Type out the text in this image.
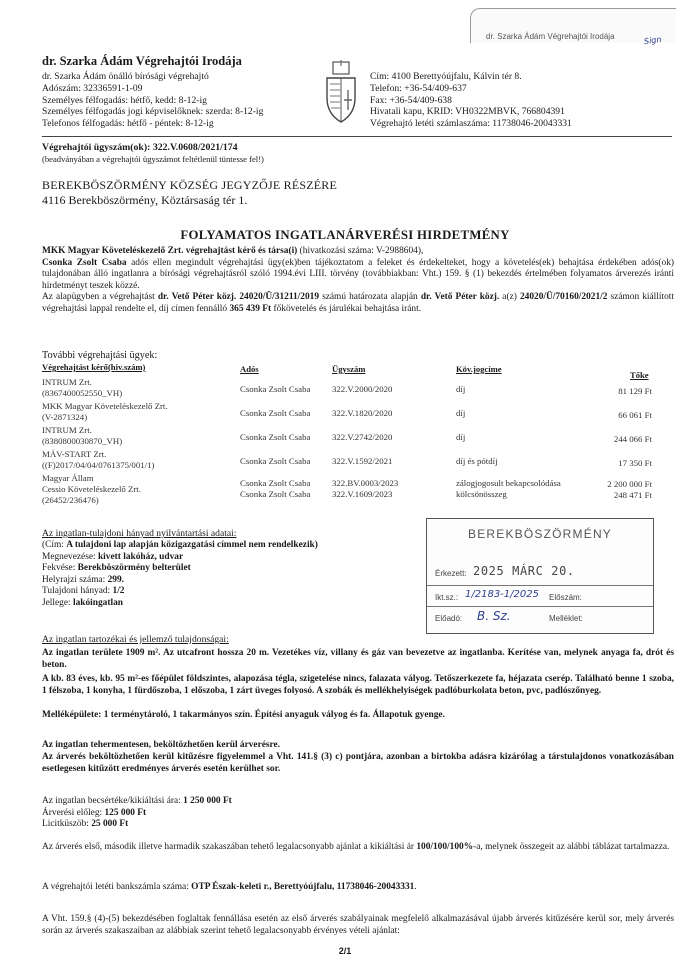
dr. Szarka Ádám Végrehajtói Irodája	Sign
dr. Szarka Ádám Végrehajtói Irodája
dr. Szarka Ádám önálló bírósági végrehajtó
Adószám: 32336591-1-09
Személyes félfogadás: hétfő, kedd: 8-12-ig
Személyes félfogadás jogi képviselőknek: szerda: 8-12-ig
Telefonos félfogadás: hétfő - péntek: 8-12-ig
Cím: 4100 Berettyóújfalu, Kálvin tér 8.
Telefon: +36-54/409-637
Fax: +36-54/409-638
Hivatali kapu, KRID: VH0322MBVK, 766804391
Végrehajtó letéti számlaszáma: 11738046-20043331
Végrehajtói ügyszám(ok): 322.V.0608/2021/174
(beadványában a végrehajtói ügyszámot feltétlenül tüntesse fel!)
BEREKBÖSZÖRMÉNY KÖZSÉG JEGYZŐJE RÉSZÉRE
4116 Berekböszörmény, Köztársaság tér 1.
FOLYAMATOS INGATLANÁRVERÉSI HIRDETMÉNY
MKK Magyar Követeléskezelő Zrt. végrehajtást kérő és társa(i) (hivatkozási száma: V-2988604),
Csonka Zsolt Csaba adós ellen megindult végrehajtási ügy(ek)ben tájékoztatom a feleket és érdekelteket, hogy a követelés(ek) behajtása érdekében adós(ok) tulajdonában álló ingatlanra a bírósági végrehajtásról szóló 1994.évi LIII. törvény (továbbiakban: Vht.) 159. § (1) bekezdés értelmében folyamatos árverezés iránti hirdetményt teszek közzé.
Az alapügyben a végrehajtást dr. Vető Péter közj. 24020/Ü/31211/2019 számú határozata alapján dr. Vető Péter közj. a(z) 24020/Ü/70160/2021/2 számon kiállított végrehajtási lappal rendelte el, díj címen fennálló 365 439 Ft főkövetelés és járulékai behajtása iránt.
További végrehajtási ügyek:
Végrehajtást kérő(hiv.szám)	Adós	Ügyszám	Köv.jogcíme
Tőke
INTRUM Zrt.
(8367400052550_VH)	Csonka Zsolt Csaba 322.V.2000/2020	díj	81 129 Ft
MKK Magyar Követeléskezelő Zrt.
(V-2871324)	Csonka Zsolt Csaba 322.V.1820/2020	díj	66 061 Ft
INTRUM Zrt.
(8380800030870_VH)	Csonka Zsolt Csaba 322.V.2742/2020	díj	244 066 Ft
MÁV-START Zrt.
((F)2017/04/04/0761375/001/1)	Csonka Zsolt Csaba 322.V.1592/2021	díj és pótdíj	17 350 Ft
Magyar Állam	Csonka Zsolt Csaba 322.BV.0003/2023	zálogjogosult bekapcsolódása	2 200 000 Ft
Cessio Követeléskezelő Zrt.
(26452/236476)
Csonka Zsolt Csaba 322.V.1609/2023	kölcsönösszeg	248 471 Ft
Az ingatlan-tulajdoni hányad nyilvántartási adatai:
(Cím: A tulajdoni lap alapján közigazgatási címmel nem rendelkezik)
Megnevezése: kivett lakóház, udvar
Fekvése: Berekböszörmény belterület
Helyrajzi száma: 299.
Tulajdoni hányad: 1/2
Jellege: lakóingatlan
BEREKBÖSZÖRMÉNY
Érkezett: 2025 MÁRC 20.
Ikt.sz.: 1/2183-1/2025 Előszám:
Előadó: B. Sz.	Melléklet:
Az ingatlan tartozékai és jellemző tulajdonságai:
Az ingatlan területe 1909 m². Az utcafront hossza 20 m. Vezetékes víz, villany és gáz van bevezetve az ingatlanba. Kerítése van, melynek anyaga fa, drót és beton.
A kb. 83 éves, kb. 95 m²-es főépület földszintes, alapozása tégla, szigetelése nincs, falazata vályog. Tetőszerkezete fa, héjazata cserép. Található benne 1 szoba, 1 félszoba, 1 konyha, 1 fürdőszoba, 1 előszoba, 1 zárt üveges folyosó. A szobák és mellékhelyiségek padlóburkolata beton, pvc, padlószőnyeg.
Melléképülete: 1 terménytároló, 1 takarmányos szín. Építési anyaguk vályog és fa. Állapotuk gyenge.
Az ingatlan tehermentesen, beköltözhetően kerül árverésre.
Az árverés beköltözhetően kerül kitűzésre figyelemmel a Vht. 141.§ (3) c) pontjára, azonban a birtokba adásra kizárólag a társtulajdonos vonatkozásában esetlegesen kitűzött eredményes árverés esetén kerülhet sor.
Az ingatlan becsértéke/kikiáltási ára: 1 250 000 Ft
Árverési előleg: 125 000 Ft
Licitküszöb: 25 000 Ft
Az árverés első, második illetve harmadik szakaszában tehető legalacsonyabb ajánlat a kikiáltási ár 100/100/100%-a, melynek összegeit az alábbi táblázat tartalmazza.
A végrehajtói letéti bankszámla száma: OTP Észak-keleti r., Berettyóújfalu, 11738046-20043331.
A Vht. 159.§ (4)-(5) bekezdésében foglaltak fennállása esetén az első árverés szabályainak megfelelő alkalmazásával újabb árverés kitűzésére kerül sor, mely árverés során az árverés szakaszaiban az alábbiak szerint tehető legalacsonyabb érvényes vételi ajánlat:
2/1
